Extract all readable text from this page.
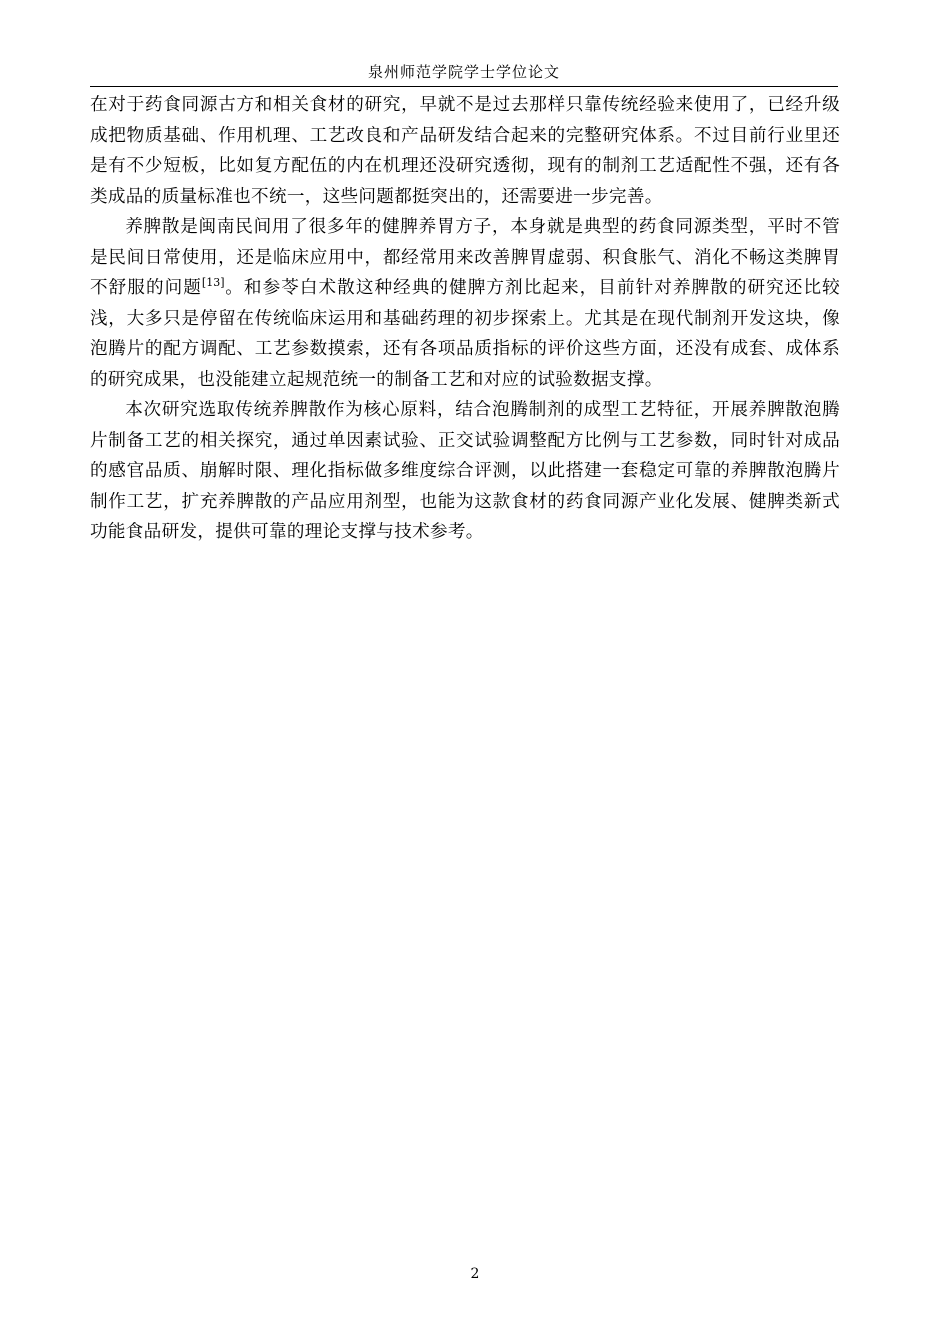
泉州师范学院学士学位论文

在对于药食同源古方和相关食材的研究，早就不是过去那样只靠传统经验来使用了，已经升级成把物质基础、作用机理、工艺改良和产品研发结合起来的完整研究体系。不过目前行业里还是有不少短板，比如复方配伍的内在机理还没研究透彻，现有的制剂工艺适配性不强，还有各类成品的质量标准也不统一，这些问题都挺突出的，还需要进一步完善。

养脾散是闽南民间用了很多年的健脾养胃方子，本身就是典型的药食同源类型，平时不管是民间日常使用，还是临床应用中，都经常用来改善脾胃虚弱、积食胀气、消化不畅这类脾胃不舒服的问题[13]。和参苓白术散这种经典的健脾方剂比起来，目前针对养脾散的研究还比较浅，大多只是停留在传统临床运用和基础药理的初步探索上。尤其是在现代制剂开发这块，像泡腾片的配方调配、工艺参数摸索，还有各项品质指标的评价这些方面，还没有成套、成体系的研究成果，也没能建立起规范统一的制备工艺和对应的试验数据支撑。

本次研究选取传统养脾散作为核心原料，结合泡腾制剂的成型工艺特征，开展养脾散泡腾片制备工艺的相关探究，通过单因素试验、正交试验调整配方比例与工艺参数，同时针对成品的感官品质、崩解时限、理化指标做多维度综合评测，以此搭建一套稳定可靠的养脾散泡腾片制作工艺，扩充养脾散的产品应用剂型，也能为这款食材的药食同源产业化发展、健脾类新式功能食品研发，提供可靠的理论支撑与技术参考。

2
